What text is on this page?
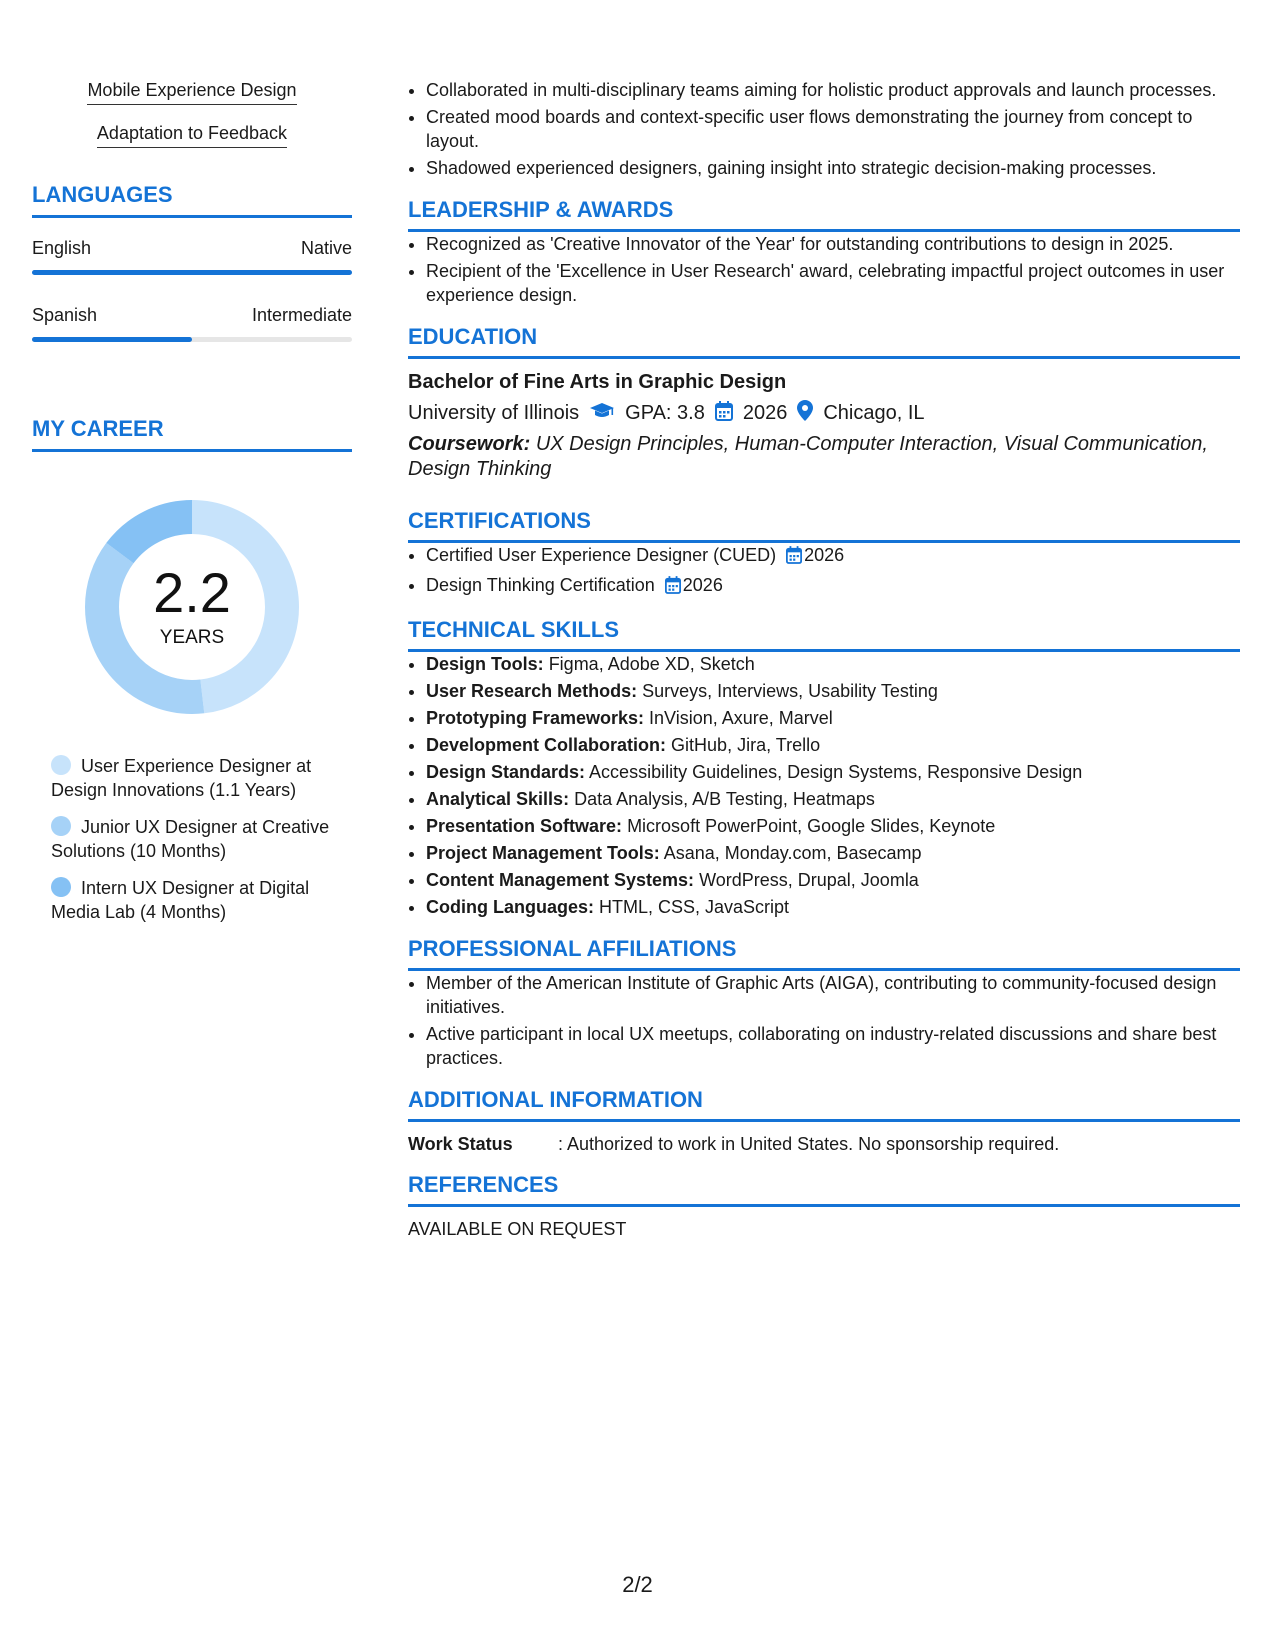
Mobile Experience Design
Adaptation to Feedback
LANGUAGES
English	Native
Spanish	Intermediate
MY CAREER
2.2
YEARS
User Experience Designer at Design Innovations (1.1 Years)
Junior UX Designer at Creative Solutions (10 Months)
Intern UX Designer at Digital Media Lab (4 Months)
• Collaborated in multi-disciplinary teams aiming for holistic product approvals and launch processes.
• Created mood boards and context-specific user flows demonstrating the journey from concept to layout.
• Shadowed experienced designers, gaining insight into strategic decision-making processes.
LEADERSHIP & AWARDS
• Recognized as 'Creative Innovator of the Year' for outstanding contributions to design in 2025.
• Recipient of the 'Excellence in User Research' award, celebrating impactful project outcomes in user experience design.
EDUCATION
Bachelor of Fine Arts in Graphic Design
University of Illinois GPA: 3.8 2026 Chicago, IL
Coursework: UX Design Principles, Human-Computer Interaction, Visual Communication, Design Thinking
CERTIFICATIONS
• Certified User Experience Designer (CUED) 2026
• Design Thinking Certification 2026
TECHNICAL SKILLS
• Design Tools: Figma, Adobe XD, Sketch
• User Research Methods: Surveys, Interviews, Usability Testing
• Prototyping Frameworks: InVision, Axure, Marvel
• Development Collaboration: GitHub, Jira, Trello
• Design Standards: Accessibility Guidelines, Design Systems, Responsive Design
• Analytical Skills: Data Analysis, A/B Testing, Heatmaps
• Presentation Software: Microsoft PowerPoint, Google Slides, Keynote
• Project Management Tools: Asana, Monday.com, Basecamp
• Content Management Systems: WordPress, Drupal, Joomla
• Coding Languages: HTML, CSS, JavaScript
PROFESSIONAL AFFILIATIONS
• Member of the American Institute of Graphic Arts (AIGA), contributing to community-focused design initiatives.
• Active participant in local UX meetups, collaborating on industry-related discussions and share best practices.
ADDITIONAL INFORMATION
Work Status	: Authorized to work in United States. No sponsorship required.
REFERENCES
AVAILABLE ON REQUEST
2/2
